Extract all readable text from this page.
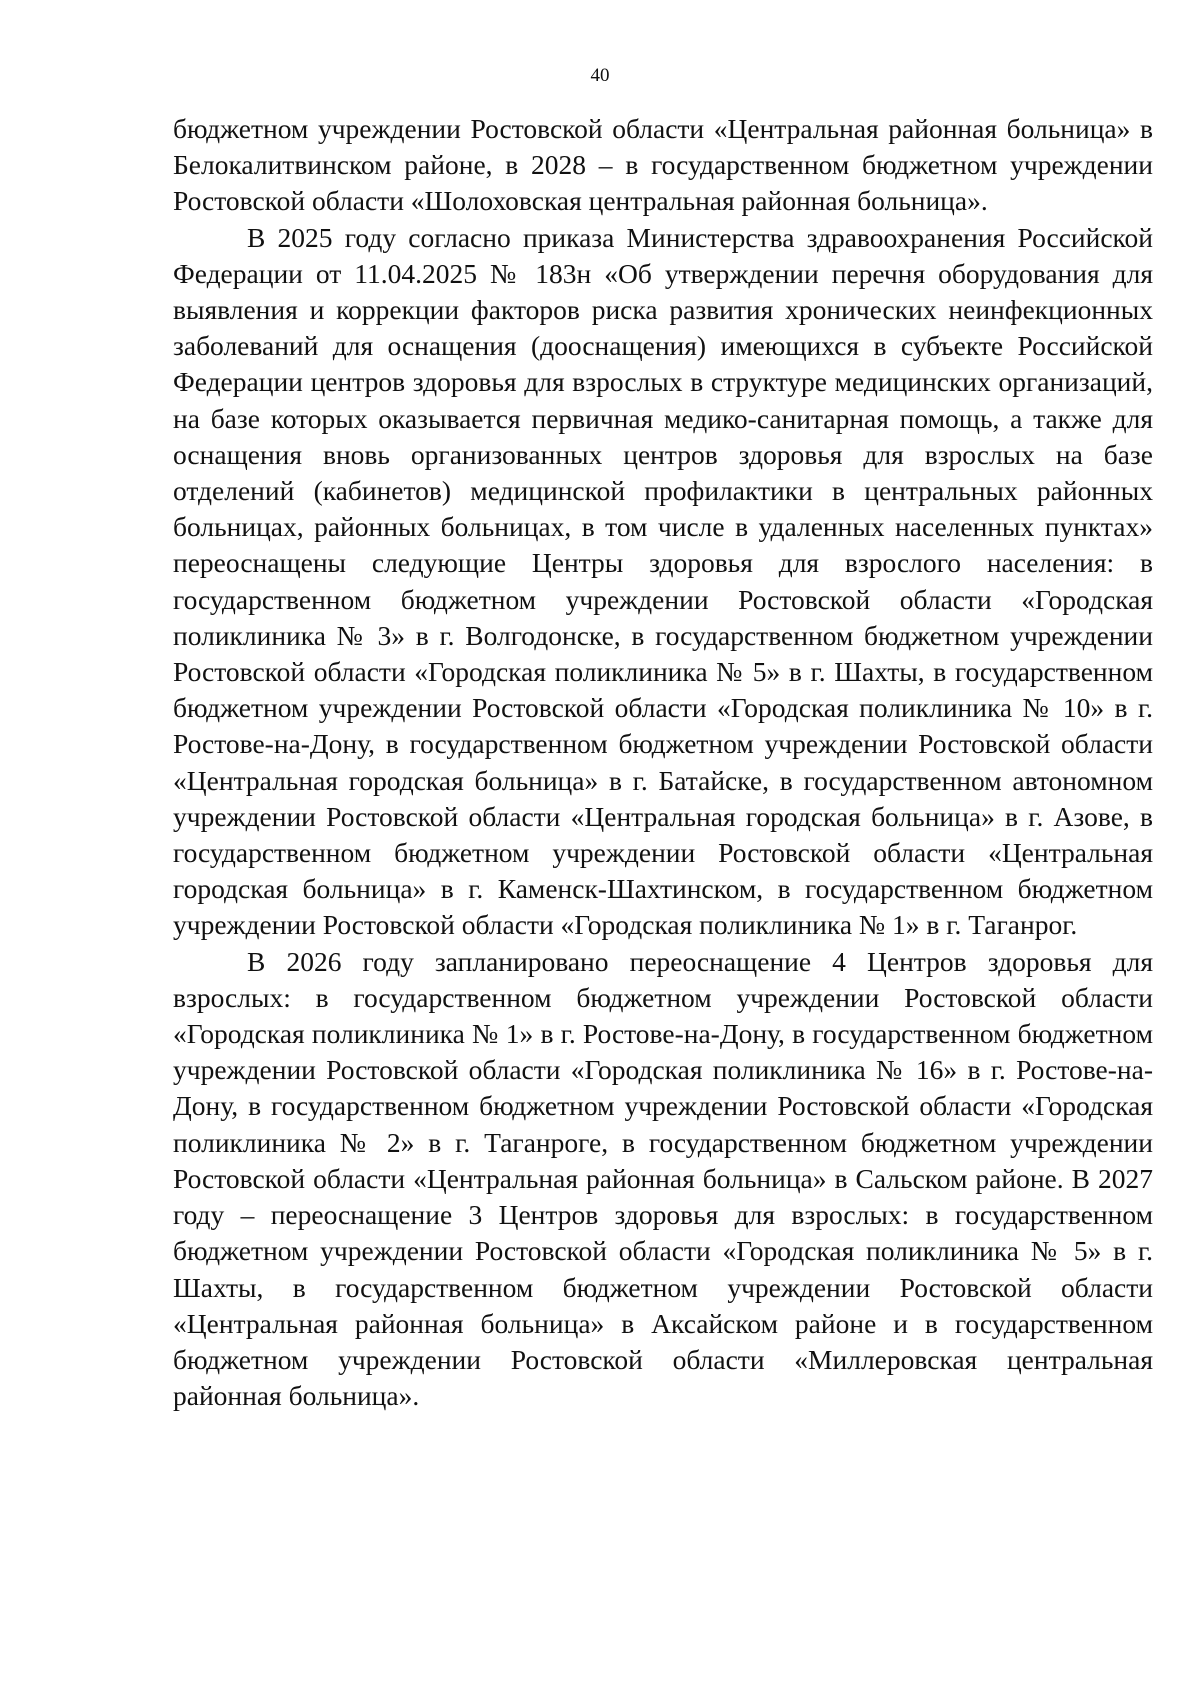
40

бюджетном учреждении Ростовской области «Центральная районная больница» в Белокалитвинском районе, в 2028 – в государственном бюджетном учреждении Ростовской области «Шолоховская центральная районная больница».

В 2025 году согласно приказа Министерства здравоохранения Российской Федерации от 11.04.2025 № 183н «Об утверждении перечня оборудования для выявления и коррекции факторов риска развития хронических неинфекционных заболеваний для оснащения (дооснащения) имеющихся в субъекте Российской Федерации центров здоровья для взрослых в структуре медицинских организаций, на базе которых оказывается первичная медико-санитарная помощь, а также для оснащения вновь организованных центров здоровья для взрослых на базе отделений (кабинетов) медицинской профилактики в центральных районных больницах, районных больницах, в том числе в удаленных населенных пунктах» переоснащены следующие Центры здоровья для взрослого населения: в государственном бюджетном учреждении Ростовской области «Городская поликлиника № 3» в г. Волгодонске, в государственном бюджетном учреждении Ростовской области «Городская поликлиника № 5» в г. Шахты, в государственном бюджетном учреждении Ростовской области «Городская поликлиника № 10» в г. Ростове-на-Дону, в государственном бюджетном учреждении Ростовской области «Центральная городская больница» в г. Батайске, в государственном автономном учреждении Ростовской области «Центральная городская больница» в г. Азове, в государственном бюджетном учреждении Ростовской области «Центральная городская больница» в г. Каменск-Шахтинском, в государственном бюджетном учреждении Ростовской области «Городская поликлиника № 1» в г. Таганрог.

В 2026 году запланировано переоснащение 4 Центров здоровья для взрослых: в государственном бюджетном учреждении Ростовской области «Городская поликлиника № 1» в г. Ростове-на-Дону, в государственном бюджетном учреждении Ростовской области «Городская поликлиника № 16» в г. Ростове-на-Дону, в государственном бюджетном учреждении Ростовской области «Городская поликлиника № 2» в г. Таганроге, в государственном бюджетном учреждении Ростовской области «Центральная районная больница» в Сальском районе. В 2027 году – переоснащение 3 Центров здоровья для взрослых: в государственном бюджетном учреждении Ростовской области «Городская поликлиника № 5» в г. Шахты, в государственном бюджетном учреждении Ростовской области «Центральная районная больница» в Аксайском районе и в государственном бюджетном учреждении Ростовской области «Миллеровская центральная районная больница».
